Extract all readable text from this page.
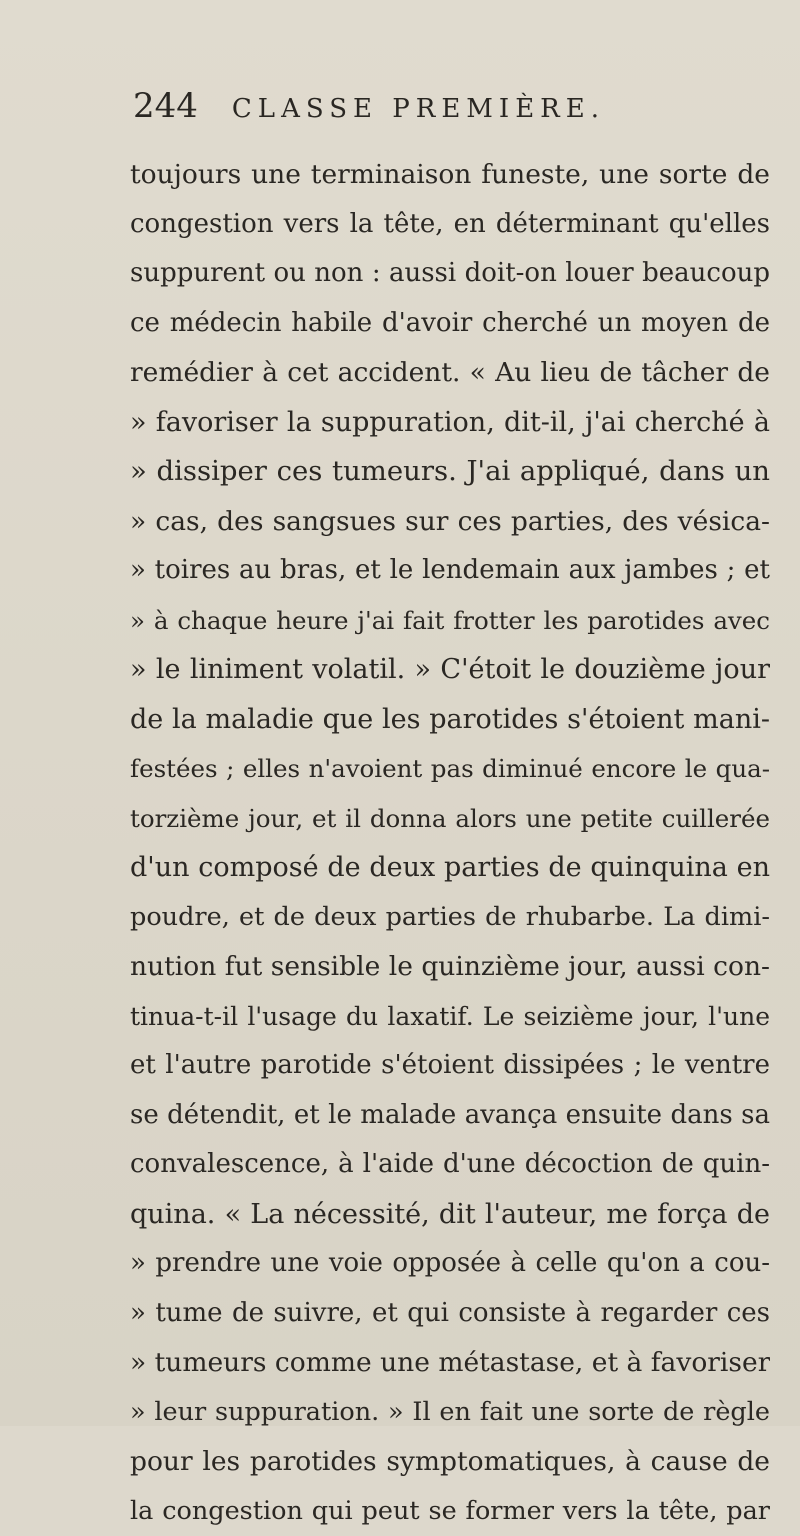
244 CLASSE PREMIÈRE.
toujours une terminaison funeste, une sorte de
congestion vers la tête, en déterminant qu'elles
suppurent ou non : aussi doit-on louer beaucoup
ce médecin habile d'avoir cherché un moyen de
remédier à cet accident. « Au lieu de tâcher de
» favoriser la suppuration, dit-il, j'ai cherché à
» dissiper ces tumeurs. J'ai appliqué, dans un
» cas, des sangsues sur ces parties, des vésica-
» toires au bras, et le lendemain aux jambes ; et
» à chaque heure j'ai fait frotter les parotides avec
» le liniment volatil. » C'étoit le douzième jour
de la maladie que les parotides s'étoient mani-
festées ; elles n'avoient pas diminué encore le qua-
torzième jour, et il donna alors une petite cuillerée
d'un composé de deux parties de quinquina en
poudre, et de deux parties de rhubarbe. La dimi-
nution fut sensible le quinzième jour, aussi con-
tinua-t-il l'usage du laxatif. Le seizième jour, l'une
et l'autre parotide s'étoient dissipées ; le ventre
se détendit, et le malade avança ensuite dans sa
convalescence, à l'aide d'une décoction de quin-
quina. « La nécessité, dit l'auteur, me força de
» prendre une voie opposée à celle qu'on a cou-
» tume de suivre, et qui consiste à regarder ces
» tumeurs comme une métastase, et à favoriser
» leur suppuration. » Il en fait une sorte de règle
pour les parotides symptomatiques, à cause de
la congestion qui peut se former vers la tête, par
